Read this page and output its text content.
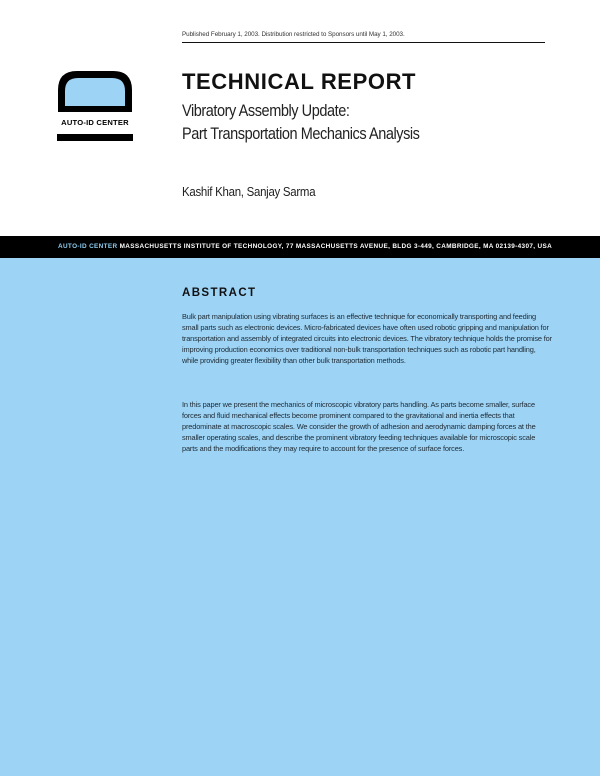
Published February 1, 2003. Distribution restricted to Sponsors until May 1, 2003.
AUTO-ID CENTER
TECHNICAL REPORT
Vibratory Assembly Update:
Part Transportation Mechanics Analysis
Kashif Khan, Sanjay Sarma
AUTO-ID CENTER MASSACHUSETTS INSTITUTE OF TECHNOLOGY, 77 MASSACHUSETTS AVENUE, BLDG 3-449, CAMBRIDGE, MA 02139-4307, USA
ABSTRACT

Bulk part manipulation using vibrating surfaces is an effective technique for economically transporting and feeding small parts such as electronic devices. Micro-fabricated devices have often used robotic gripping and manipulation for transportation and assembly of integrated circuits into electronic devices. The vibratory technique holds the promise for improving production economics over traditional non-bulk transportation techniques such as robotic part handling, while providing greater flexibility than other bulk transportation methods.

In this paper we present the mechanics of microscopic vibratory parts handling. As parts become smaller, surface forces and fluid mechanical effects become prominent compared to the gravitational and inertia effects that predominate at macroscopic scales. We consider the growth of adhesion and aerodynamic damping forces at the smaller operating scales, and describe the prominent vibratory feeding techniques available for microscopic scale parts and the modifications they may require to account for the presence of surface forces.
